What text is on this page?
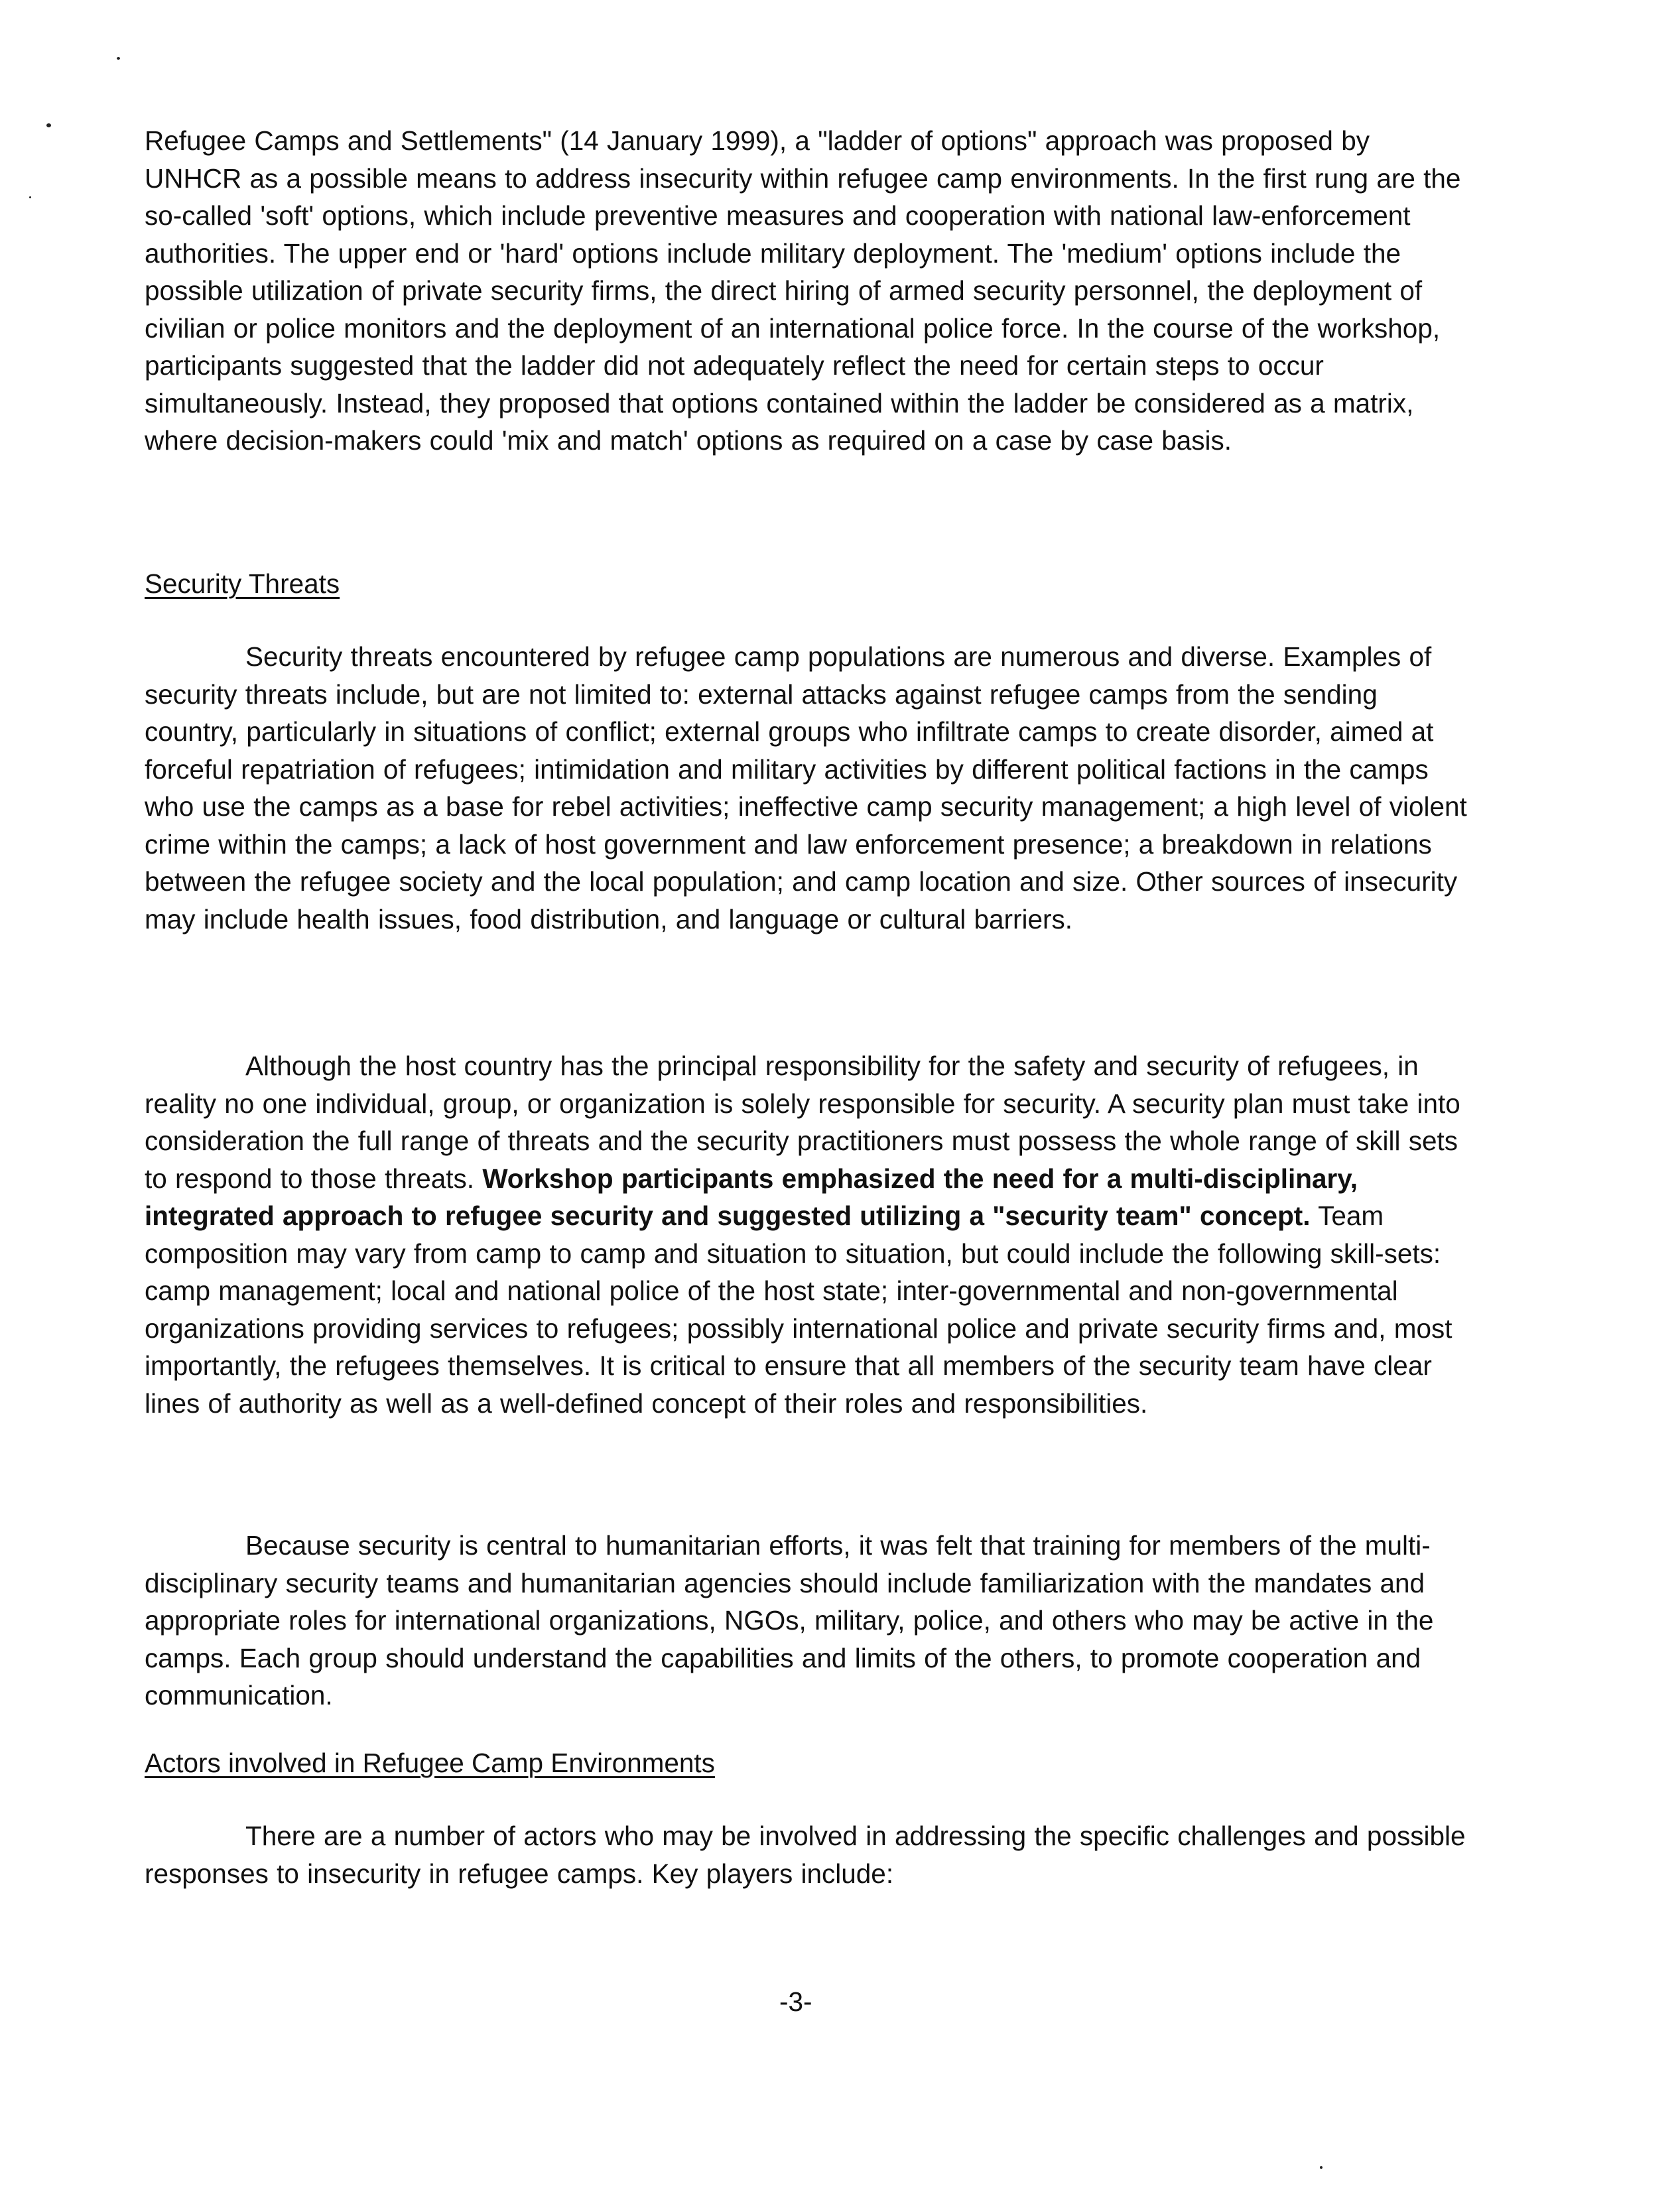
Refugee Camps and Settlements" (14 January 1999), a "ladder of options" approach was proposed by UNHCR as a possible means to address insecurity within refugee camp environments. In the first rung are the so-called 'soft' options, which include preventive measures and cooperation with national law-enforcement authorities. The upper end or 'hard' options include military deployment. The 'medium' options include the possible utilization of private security firms, the direct hiring of armed security personnel, the deployment of civilian or police monitors and the deployment of an international police force. In the course of the workshop, participants suggested that the ladder did not adequately reflect the need for certain steps to occur simultaneously. Instead, they proposed that options contained within the ladder be considered as a matrix, where decision-makers could 'mix and match' options as required on a case by case basis.

Security Threats

Security threats encountered by refugee camp populations are numerous and diverse. Examples of security threats include, but are not limited to: external attacks against refugee camps from the sending country, particularly in situations of conflict; external groups who infiltrate camps to create disorder, aimed at forceful repatriation of refugees; intimidation and military activities by different political factions in the camps who use the camps as a base for rebel activities; ineffective camp security management; a high level of violent crime within the camps; a lack of host government and law enforcement presence; a breakdown in relations between the refugee society and the local population; and camp location and size. Other sources of insecurity may include health issues, food distribution, and language or cultural barriers.

Although the host country has the principal responsibility for the safety and security of refugees, in reality no one individual, group, or organization is solely responsible for security. A security plan must take into consideration the full range of threats and the security practitioners must possess the whole range of skill sets to respond to those threats. Workshop participants emphasized the need for a multi-disciplinary, integrated approach to refugee security and suggested utilizing a "security team" concept. Team composition may vary from camp to camp and situation to situation, but could include the following skill-sets: camp management; local and national police of the host state; inter-governmental and non-governmental organizations providing services to refugees; possibly international police and private security firms and, most importantly, the refugees themselves. It is critical to ensure that all members of the security team have clear lines of authority as well as a well-defined concept of their roles and responsibilities.

Because security is central to humanitarian efforts, it was felt that training for members of the multi-disciplinary security teams and humanitarian agencies should include familiarization with the mandates and appropriate roles for international organizations, NGOs, military, police, and others who may be active in the camps. Each group should understand the capabilities and limits of the others, to promote cooperation and communication.

Actors involved in Refugee Camp Environments

There are a number of actors who may be involved in addressing the specific challenges and possible responses to insecurity in refugee camps. Key players include:

-3-
